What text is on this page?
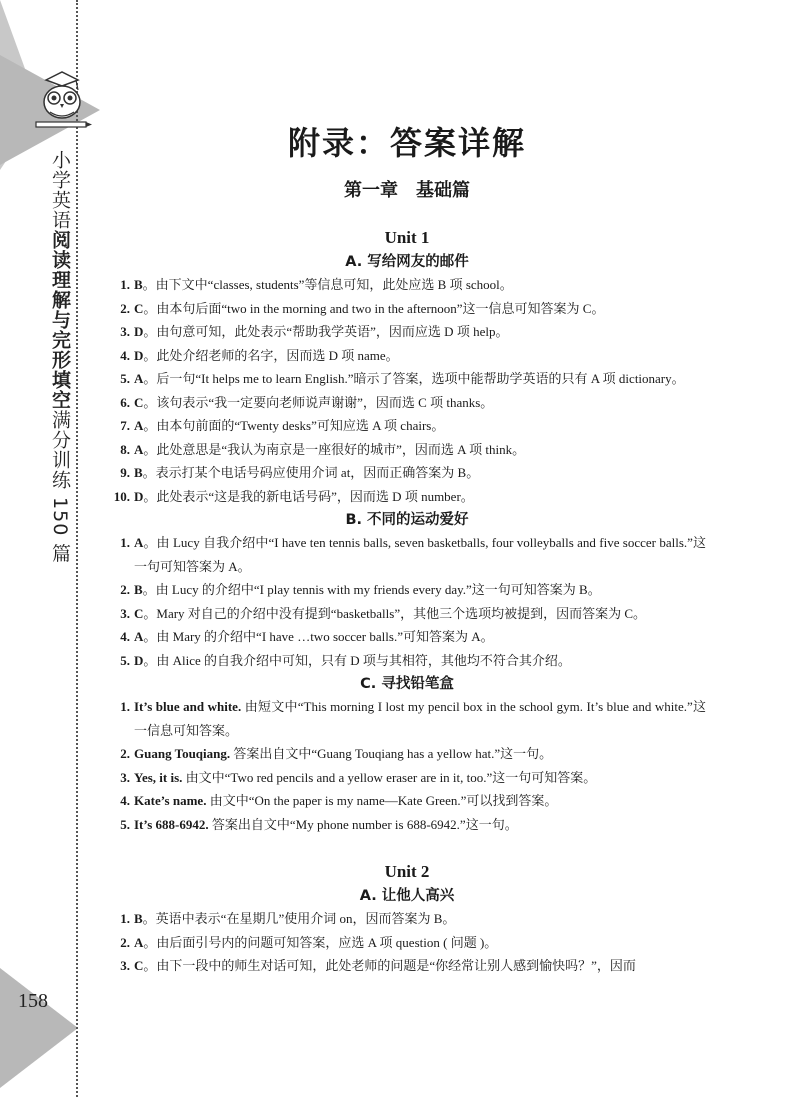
小学英语阅读理解与完形填空满分训练 150 篇
158
附录：答案详解
第一章　基础篇
Unit 1
A. 写给网友的邮件
1. B。由下文中“classes, students”等信息可知，此处应选 B 项 school。
2. C。由本句后面“two in the morning and two in the afternoon”这一信息可知答案为 C。
3. D。由句意可知，此处表示“帮助我学英语”，因而应选 D 项 help。
4. D。此处介绍老师的名字，因而选 D 项 name。
5. A。后一句“It helps me to learn English.”暗示了答案，选项中能帮助学英语的只有 A 项 dictionary。
6. C。该句表示“我一定要向老师说声谢谢”，因而选 C 项 thanks。
7. A。由本句前面的“Twenty desks”可知应选 A 项 chairs。
8. A。此处意思是“我认为南京是一座很好的城市”，因而选 A 项 think。
9. B。表示打某个电话号码应使用介词 at，因而正确答案为 B。
10. D。此处表示“这是我的新电话号码”，因而选 D 项 number。
B. 不同的运动爱好
1. A。由 Lucy 自我介绍中“I have ten tennis balls, seven basketballs, four volleyballs and five soccer balls.”这一句可知答案为 A。
2. B。由 Lucy 的介绍中“I play tennis with my friends every day.”这一句可知答案为 B。
3. C。Mary 对自己的介绍中没有提到“basketballs”，其他三个选项均被提到，因而答案为 C。
4. A。由 Mary 的介绍中“I have …two soccer balls.”可知答案为 A。
5. D。由 Alice 的自我介绍中可知，只有 D 项与其相符，其他均不符合其介绍。
C. 寻找铅笔盒
1. It’s blue and white. 由短文中“This morning I lost my pencil box in the school gym. It’s blue and white.”这一信息可知答案。
2. Guang Touqiang. 答案出自文中“Guang Touqiang has a yellow hat.”这一句。
3. Yes, it is. 由文中“Two red pencils and a yellow eraser are in it, too.”这一句可知答案。
4. Kate’s name. 由文中“On the paper is my name—Kate Green.”可以找到答案。
5. It’s 688-6942. 答案出自文中“My phone number is 688-6942.”这一句。
Unit 2
A. 让他人高兴
1. B。英语中表示“在星期几”使用介词 on，因而答案为 B。
2. A。由后面引号内的问题可知答案，应选 A 项 question ( 问题 )。
3. C。由下一段中的师生对话可知，此处老师的问题是“你经常让别人感到愉快吗？”，因而
